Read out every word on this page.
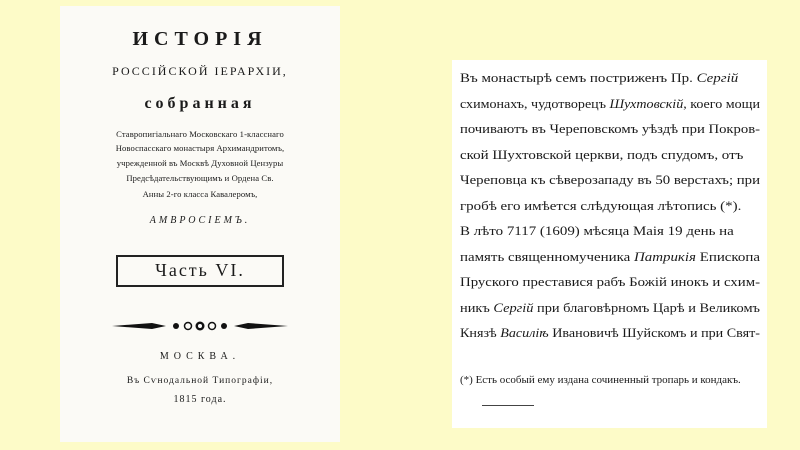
ИСТОРІЯ
РОССІЙСКОЙ ІЕРАРХІИ,
собранная
Ставропигіальнаго Московскаго 1-класснаго
Новоспасскаго монастыря Архимандритомъ,
учрежденной въ Москвѣ Духовной Цензуры
Предсѣдательствующимъ и Ордена Св.
Анны 2-го класса Кавалеромъ,
АМВРОСІЕМЪ.
Часть VI.
МОСКВА.
Въ Сѵнодальной Типографіи,
1815 года.
Въ монастырѣ семъ постриженъ Пр. Сергій
схимонахъ, чудотворецъ Шухтовскій, коего мощи
почиваютъ въ Череповскомъ уѣздѣ при Покров-
ской Шухтовской церкви, подъ спудомъ, отъ
Череповца къ сѣверозападу въ 50 верстахъ; при
гробѣ его имѣется слѣдующая лѣтопись (*).
В лѣто 7117 (1609) мѣсяца Маія 19 день на
память священномученика Патрикія Епископа
Пруского преставися рабъ Божій инокъ и схим-
никъ Сергій при благовѣрномъ Царѣ и Великомъ
Князѣ Василіѣ Ивановичѣ Шуйскомъ и при Свят-
(*) Есть особый ему издана сочиненный тропарь и кондакъ.
